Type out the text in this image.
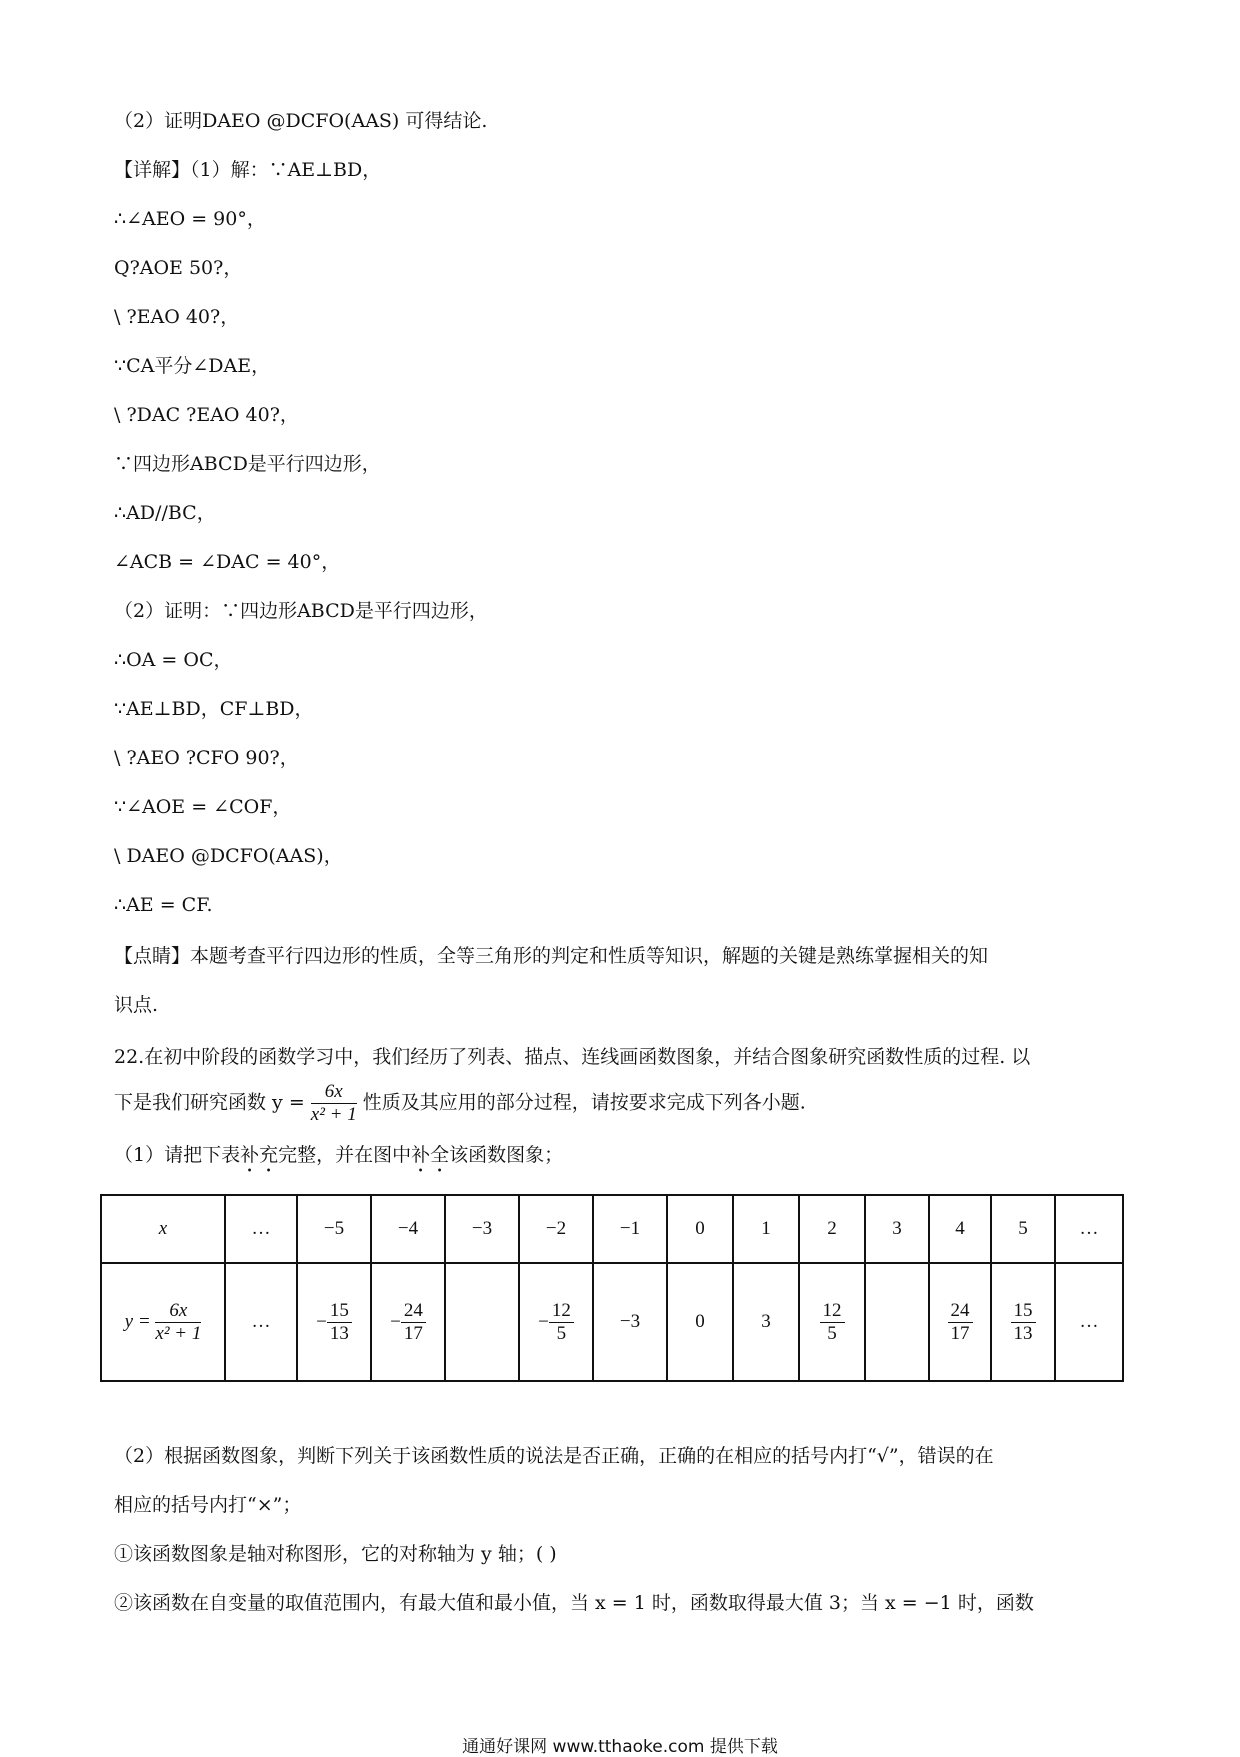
（2）证明DAEO @DCFO(AAS) 可得结论.
【详解】（1）解：∵AE⊥BD，
∴∠AEO = 90°，
Q?AOE 50?，
\ ?EAO 40?，
∵CA平分∠DAE，
\ ?DAC ?EAO 40?，
∵四边形ABCD是平行四边形，
∴AD//BC，
∠ACB = ∠DAC = 40°，
（2）证明：∵四边形ABCD是平行四边形，
∴OA = OC，
∵AE⊥BD，CF⊥BD，
\ ?AEO ?CFO 90?，
∵∠AOE = ∠COF，
\ DAEO @DCFO(AAS)，
∴AE = CF.
【点睛】本题考查平行四边形的性质，全等三角形的判定和性质等知识，解题的关键是熟练掌握相关的知
识点.
22.在初中阶段的函数学习中，我们经历了列表、描点、连线画函数图象，并结合图象研究函数性质的过程. 以
下是我们研究函数 $y = \frac{6x}{\text{x² + 1}}$ 性质及其应用的部分过程，请按要求完成下列各小题.
（1）请把下表补充完整，并在图中补全该函数图象；
x	…	−5	−4	−3	−2	−1	0	1	2	3	4	5	…
$y = \frac{6x}{\text{x² + 1}}$	…	− $\frac{15}{13}$	− $\frac{24}{17}$		− $\frac{12}{5}$	−3	0	3	$\frac{12}{5}$		$\frac{24}{17}$	$\frac{15}{13}$	…
（2）根据函数图象，判断下列关于该函数性质的说法是否正确，正确的在相应的括号内打“√”，错误的在
相应的括号内打“×”；
①该函数图象是轴对称图形，它的对称轴为 y 轴；( )
②该函数在自变量的取值范围内，有最大值和最小值，当 x = 1 时，函数取得最大值 3；当 x = −1 时，函数
通通好课网 www.tthaoke.com 提供下载
